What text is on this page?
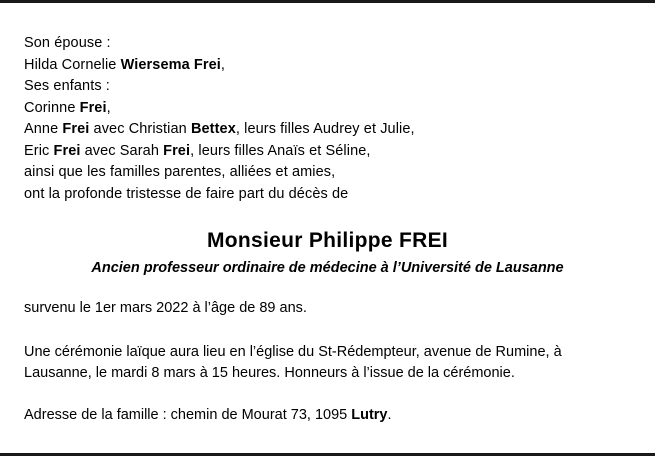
Son épouse :
Hilda Cornelie Wiersema Frei,
Ses enfants :
Corinne Frei,
Anne Frei avec Christian Bettex, leurs filles Audrey et Julie,
Eric Frei avec Sarah Frei, leurs filles Anaïs et Séline,
ainsi que les familles parentes, alliées et amies,
ont la profonde tristesse de faire part du décès de
Monsieur Philippe FREI
Ancien professeur ordinaire de médecine à l’Université de Lausanne
survenu le 1er mars 2022 à l’âge de 89 ans.
Une cérémonie laïque aura lieu en l’église du St-Rédempteur, avenue de Rumine, à Lausanne, le mardi 8 mars à 15 heures. Honneurs à l’issue de la cérémonie.
Adresse de la famille : chemin de Mourat 73, 1095 Lutry.
